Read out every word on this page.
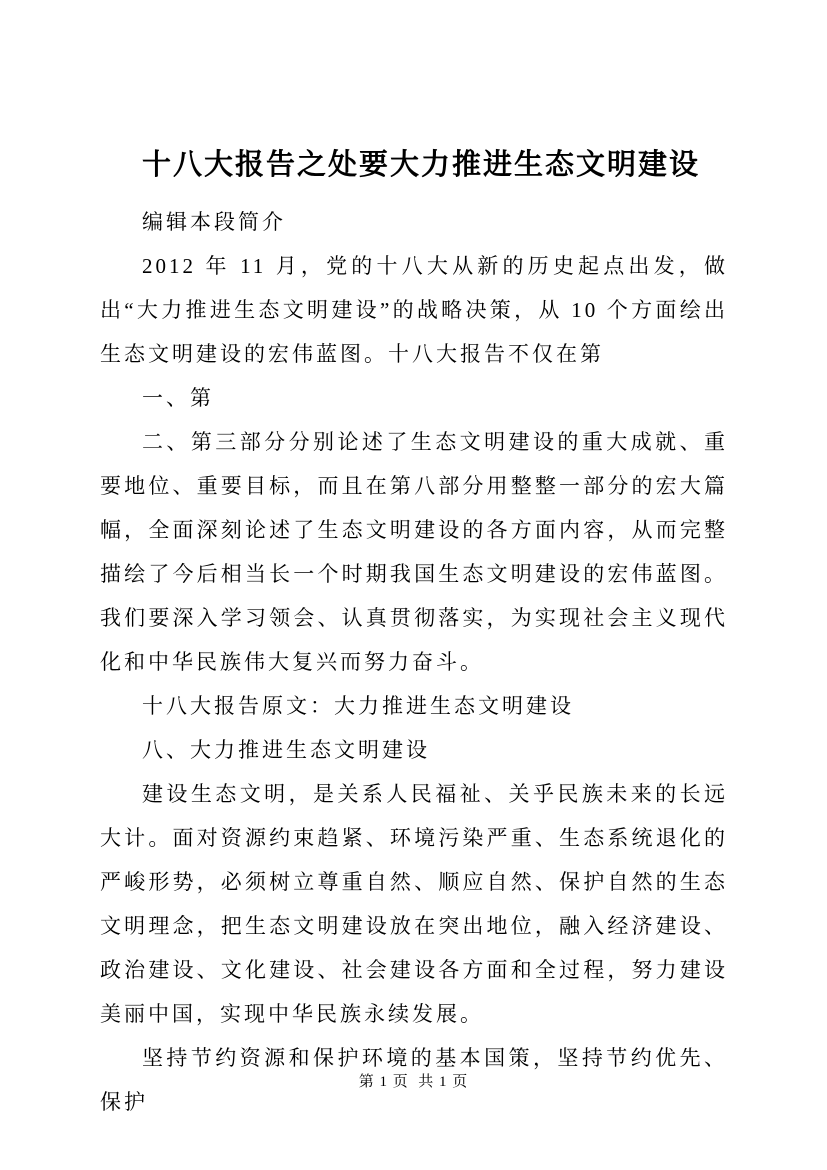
十八大报告之处要大力推进生态文明建设

编辑本段简介

2012 年 11 月，党的十八大从新的历史起点出发，做出“大力推进生态文明建设”的战略决策，从 10 个方面绘出生态文明建设的宏伟蓝图。十八大报告不仅在第

一、第

二、第三部分分别论述了生态文明建设的重大成就、重要地位、重要目标，而且在第八部分用整整一部分的宏大篇幅，全面深刻论述了生态文明建设的各方面内容，从而完整描绘了今后相当长一个时期我国生态文明建设的宏伟蓝图。我们要深入学习领会、认真贯彻落实，为实现社会主义现代化和中华民族伟大复兴而努力奋斗。

十八大报告原文：大力推进生态文明建设

八、大力推进生态文明建设

建设生态文明，是关系人民福祉、关乎民族未来的长远大计。面对资源约束趋紧、环境污染严重、生态系统退化的严峻形势，必须树立尊重自然、顺应自然、保护自然的生态文明理念，把生态文明建设放在突出地位，融入经济建设、政治建设、文化建设、社会建设各方面和全过程，努力建设美丽中国，实现中华民族永续发展。

坚持节约资源和保护环境的基本国策，坚持节约优先、保护

第 1 页  共 1 页
